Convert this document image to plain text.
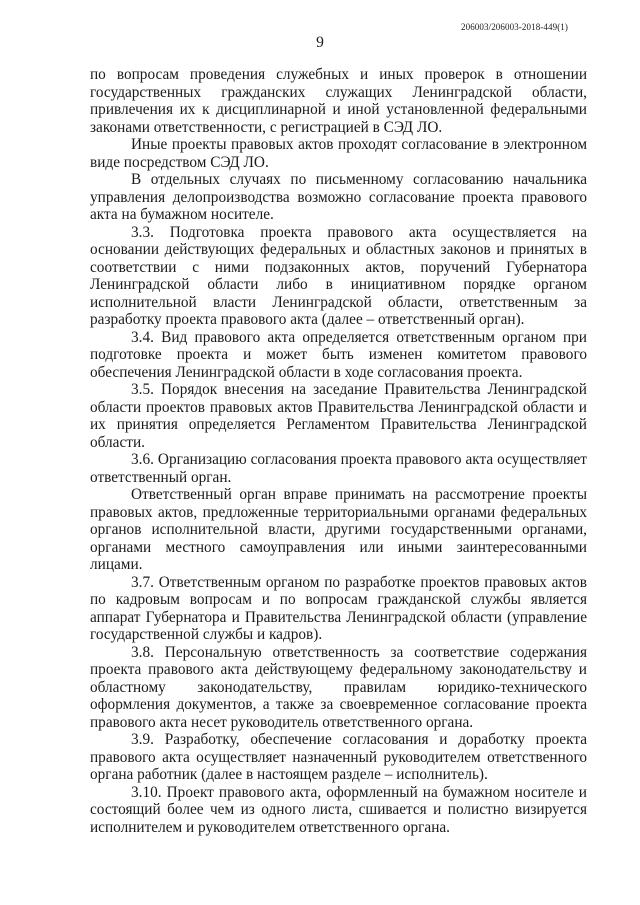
206003/206003-2018-449(1)
9

по вопросам проведения служебных и иных проверок в отношении государственных гражданских служащих Ленинградской области, привлечения их к дисциплинарной и иной установленной федеральными законами ответственности, с регистрацией в СЭД ЛО.

Иные проекты правовых актов проходят согласование в электронном виде посредством СЭД ЛО.

В отдельных случаях по письменному согласованию начальника управления делопроизводства возможно согласование проекта правового акта на бумажном носителе.

3.3. Подготовка проекта правового акта осуществляется на основании действующих федеральных и областных законов и принятых в соответствии с ними подзаконных актов, поручений Губернатора Ленинградской области либо в инициативном порядке органом исполнительной власти Ленинградской области, ответственным за разработку проекта правового акта (далее – ответственный орган).

3.4. Вид правового акта определяется ответственным органом при подготовке проекта и может быть изменен комитетом правового обеспечения Ленинградской области в ходе согласования проекта.

3.5. Порядок внесения на заседание Правительства Ленинградской области проектов правовых актов Правительства Ленинградской области и их принятия определяется Регламентом Правительства Ленинградской области.

3.6. Организацию согласования проекта правового акта осуществляет ответственный орган.

Ответственный орган вправе принимать на рассмотрение проекты правовых актов, предложенные территориальными органами федеральных органов исполнительной власти, другими государственными органами, органами местного самоуправления или иными заинтересованными лицами.

3.7. Ответственным органом по разработке проектов правовых актов по кадровым вопросам и по вопросам гражданской службы является аппарат Губернатора и Правительства Ленинградской области (управление государственной службы и кадров).

3.8. Персональную ответственность за соответствие содержания проекта правового акта действующему федеральному законодательству и областному законодательству, правилам юридико-технического оформления документов, а также за своевременное согласование проекта правового акта несет руководитель ответственного органа.

3.9. Разработку, обеспечение согласования и доработку проекта правового акта осуществляет назначенный руководителем ответственного органа работник (далее в настоящем разделе – исполнитель).

3.10. Проект правового акта, оформленный на бумажном носителе и состоящий более чем из одного листа, сшивается и полистно визируется исполнителем и руководителем ответственного органа.
